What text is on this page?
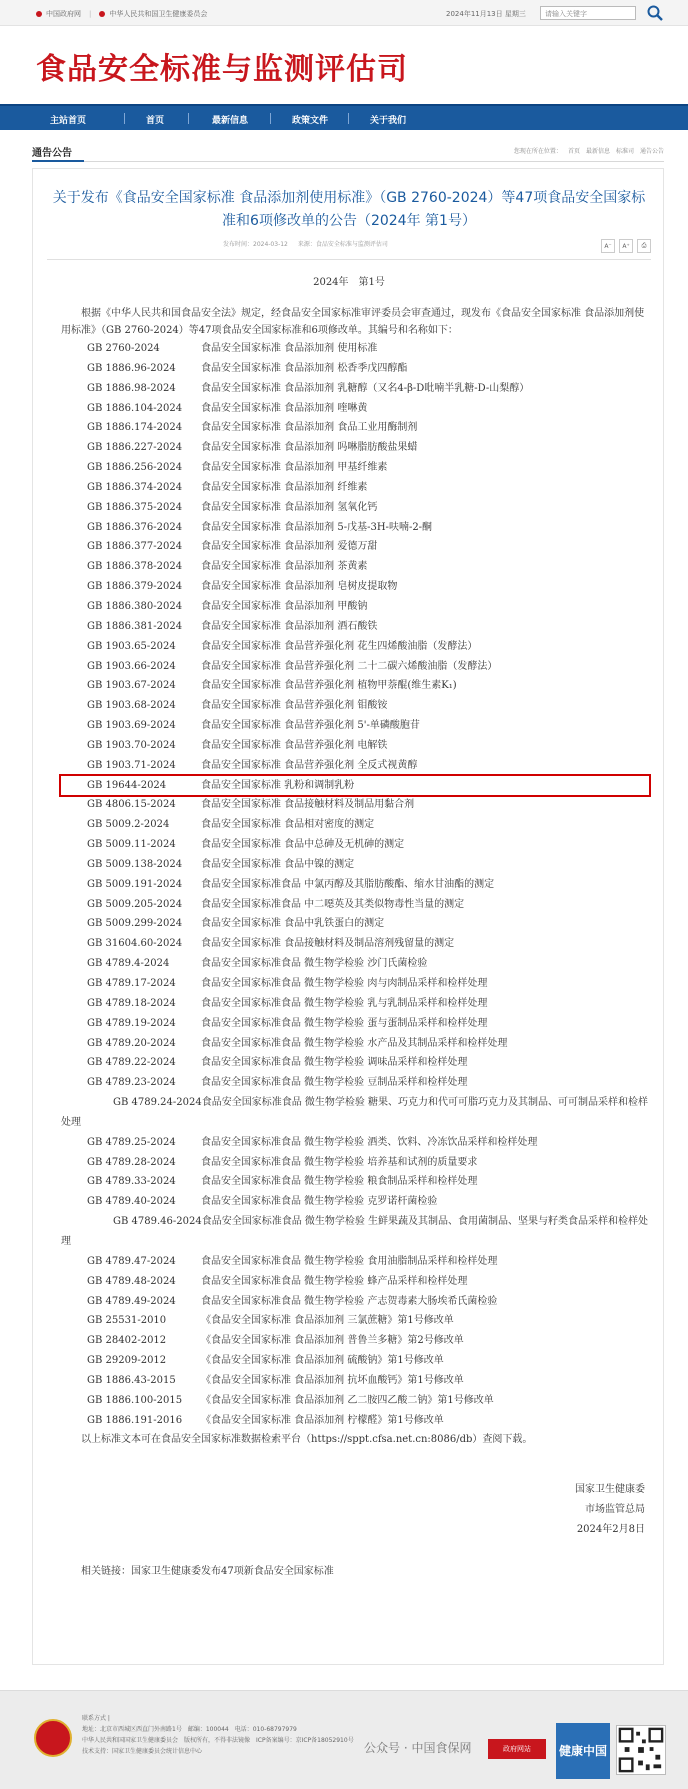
中国政府网 |	中华人民共和国卫生健康委员会	2024年11月13日 星期三	请输入关键字
食品安全标准与监测评估司
主站首页	首页	最新信息	政策文件	关于我们
通告公告	您现在所在位置： 首页 最新信息 标准司 通告公告
关于发布《食品安全国家标准 食品添加剂使用标准》（GB 2760-2024）等47项食品安全国家标准和6项修改单的公告（2024年 第1号）
发布时间：2024-03-12 来源：食品安全标准与监测评估司	A⁻	A⁺	⎙
2024年　第1号

根据《中华人民共和国食品安全法》规定，经食品安全国家标准审评委员会审查通过，现发布《食品安全国家标准 食品添加剂使用标准》（GB 2760-2024）等47项食品安全国家标准和6项修改单。其编号和名称如下：

GB 2760-2024	食品安全国家标准 食品添加剂 使用标准
GB 1886.96-2024	食品安全国家标准 食品添加剂 松香季戊四醇酯
GB 1886.98-2024	食品安全国家标准 食品添加剂 乳糖醇（又名4-β-D吡喃半乳糖-D-山梨醇）
GB 1886.104-2024 食品安全国家标准 食品添加剂 喹啉黄
GB 1886.174-2024 食品安全国家标准 食品添加剂 食品工业用酶制剂
GB 1886.227-2024 食品安全国家标准 食品添加剂 吗啉脂肪酸盐果蜡
GB 1886.256-2024 食品安全国家标准 食品添加剂 甲基纤维素
GB 1886.374-2024 食品安全国家标准 食品添加剂 纤维素
GB 1886.375-2024 食品安全国家标准 食品添加剂 氢氧化钙
GB 1886.376-2024 食品安全国家标准 食品添加剂 5-戊基-3H-呋喃-2-酮
GB 1886.377-2024 食品安全国家标准 食品添加剂 爱德万甜
GB 1886.378-2024 食品安全国家标准 食品添加剂 茶黄素
GB 1886.379-2024 食品安全国家标准 食品添加剂 皂树皮提取物
GB 1886.380-2024 食品安全国家标准 食品添加剂 甲酸钠
GB 1886.381-2024 食品安全国家标准 食品添加剂 酒石酸铁
GB 1903.65-2024	食品安全国家标准 食品营养强化剂 花生四烯酸油脂（发酵法）
GB 1903.66-2024	食品安全国家标准 食品营养强化剂 二十二碳六烯酸油脂（发酵法）
GB 1903.67-2024	食品安全国家标准 食品营养强化剂 植物甲萘醌(维生素K₁)
GB 1903.68-2024	食品安全国家标准 食品营养强化剂 钼酸铵
GB 1903.69-2024	食品安全国家标准 食品营养强化剂 5'-单磷酸胞苷
GB 1903.70-2024	食品安全国家标准 食品营养强化剂 电解铁
GB 1903.71-2024	食品安全国家标准 食品营养强化剂 全反式视黄醇
GB 19644-2024	食品安全国家标准 乳粉和调制乳粉
GB 4806.15-2024	食品安全国家标准 食品接触材料及制品用黏合剂
GB 5009.2-2024	食品安全国家标准 食品相对密度的测定
GB 5009.11-2024	食品安全国家标准 食品中总砷及无机砷的测定
GB 5009.138-2024 食品安全国家标准 食品中镍的测定
GB 5009.191-2024 食品安全国家标准食品 中氯丙醇及其脂肪酸酯、缩水甘油酯的测定
GB 5009.205-2024 食品安全国家标准食品 中二噁英及其类似物毒性当量的测定
GB 5009.299-2024 食品安全国家标准 食品中乳铁蛋白的测定
GB 31604.60-2024 食品安全国家标准 食品接触材料及制品溶剂残留量的测定
GB 4789.4-2024	食品安全国家标准食品 微生物学检验 沙门氏菌检验
GB 4789.17-2024	食品安全国家标准食品 微生物学检验 肉与肉制品采样和检样处理
GB 4789.18-2024	食品安全国家标准食品 微生物学检验 乳与乳制品采样和检样处理
GB 4789.19-2024	食品安全国家标准食品 微生物学检验 蛋与蛋制品采样和检样处理
GB 4789.20-2024	食品安全国家标准食品 微生物学检验 水产品及其制品采样和检样处理
GB 4789.22-2024	食品安全国家标准食品 微生物学检验 调味品采样和检样处理
GB 4789.23-2024	食品安全国家标准食品 微生物学检验 豆制品采样和检样处理
GB 4789.24-2024食品安全国家标准食品 微生物学检验 糖果、巧克力和代可可脂巧克力及其制品、可可制品采样和检样处理
GB 4789.25-2024	食品安全国家标准食品 微生物学检验 酒类、饮料、冷冻饮品采样和检样处理
GB 4789.28-2024	食品安全国家标准食品 微生物学检验 培养基和试剂的质量要求
GB 4789.33-2024	食品安全国家标准食品 微生物学检验 粮食制品采样和检样处理
GB 4789.40-2024	食品安全国家标准食品 微生物学检验 克罗诺杆菌检验
GB 4789.46-2024食品安全国家标准食品 微生物学检验 生鲜果蔬及其制品、食用菌制品、坚果与籽类食品采样和检样处理
GB 4789.47-2024	食品安全国家标准食品 微生物学检验 食用油脂制品采样和检样处理
GB 4789.48-2024	食品安全国家标准食品 微生物学检验 蜂产品采样和检样处理
GB 4789.49-2024	食品安全国家标准食品 微生物学检验 产志贺毒素大肠埃希氏菌检验
GB 25531-2010	《食品安全国家标准 食品添加剂 三氯蔗糖》第1号修改单
GB 28402-2012	《食品安全国家标准 食品添加剂 普鲁兰多糖》第2号修改单
GB 29209-2012	《食品安全国家标准 食品添加剂 硫酸钠》第1号修改单
GB 1886.43-2015	《食品安全国家标准 食品添加剂 抗坏血酸钙》第1号修改单
GB 1886.100-2015 《食品安全国家标准 食品添加剂 乙二胺四乙酸二钠》第1号修改单
GB 1886.191-2016 《食品安全国家标准 食品添加剂 柠檬醛》第1号修改单

以上标准文本可在食品安全国家标准数据检索平台（https://sppt.cfsa.net.cn:8086/db）查阅下载。

国家卫生健康委
市场监管总局
2024年2月8日
相关链接：国家卫生健康委发布47项新食品安全国家标准
联系方式 |
地址：北京市西城区西直门外南路1号　邮编：100044　电话：010-68797979
中华人民共和国国家卫生健康委员会　版权所有，不得非法镜像　ICP备案编号：京ICP备18052910号
技术支持：国家卫生健康委员会统计信息中心	公众号 · 中国食保网	政府网站	健康中国
